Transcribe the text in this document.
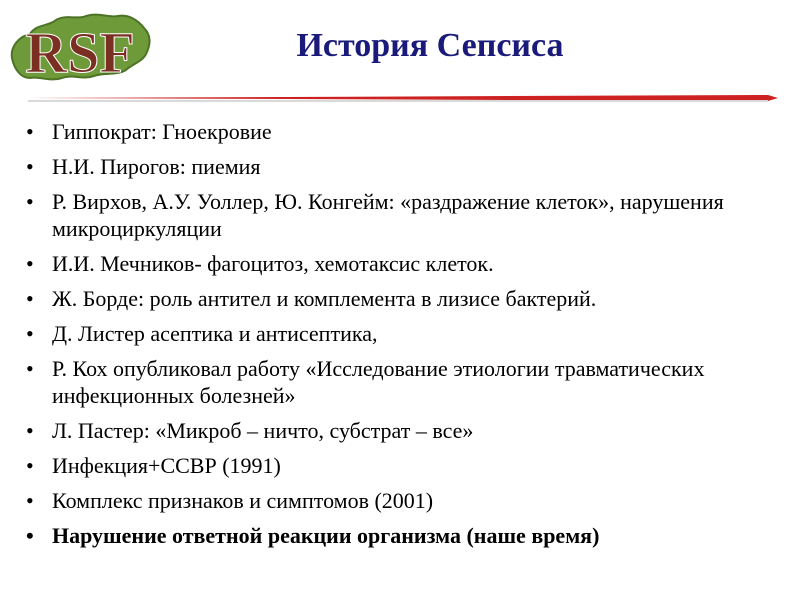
RSF	История Сепсиса
• Гиппократ: Гноекровие
• Н.И. Пирогов: пиемия
• Р. Вирхов, А.У. Уоллер, Ю. Конгейм: «раздражение клеток», нарушения микроциркуляции
• И.И. Мечников- фагоцитоз, хемотаксис клеток.
• Ж. Борде: роль антител и комплемента в лизисе бактерий.
• Д. Листер асептика и антисептика,
• Р. Кох опубликовал работу «Исследование этиологии травматических инфекционных болезней»
• Л. Пастер: «Микроб – ничто, субстрат – все»
• Инфекция+ССВР (1991)
• Комплекс признаков и симптомов (2001)
• Нарушение ответной реакции организма (наше время)
